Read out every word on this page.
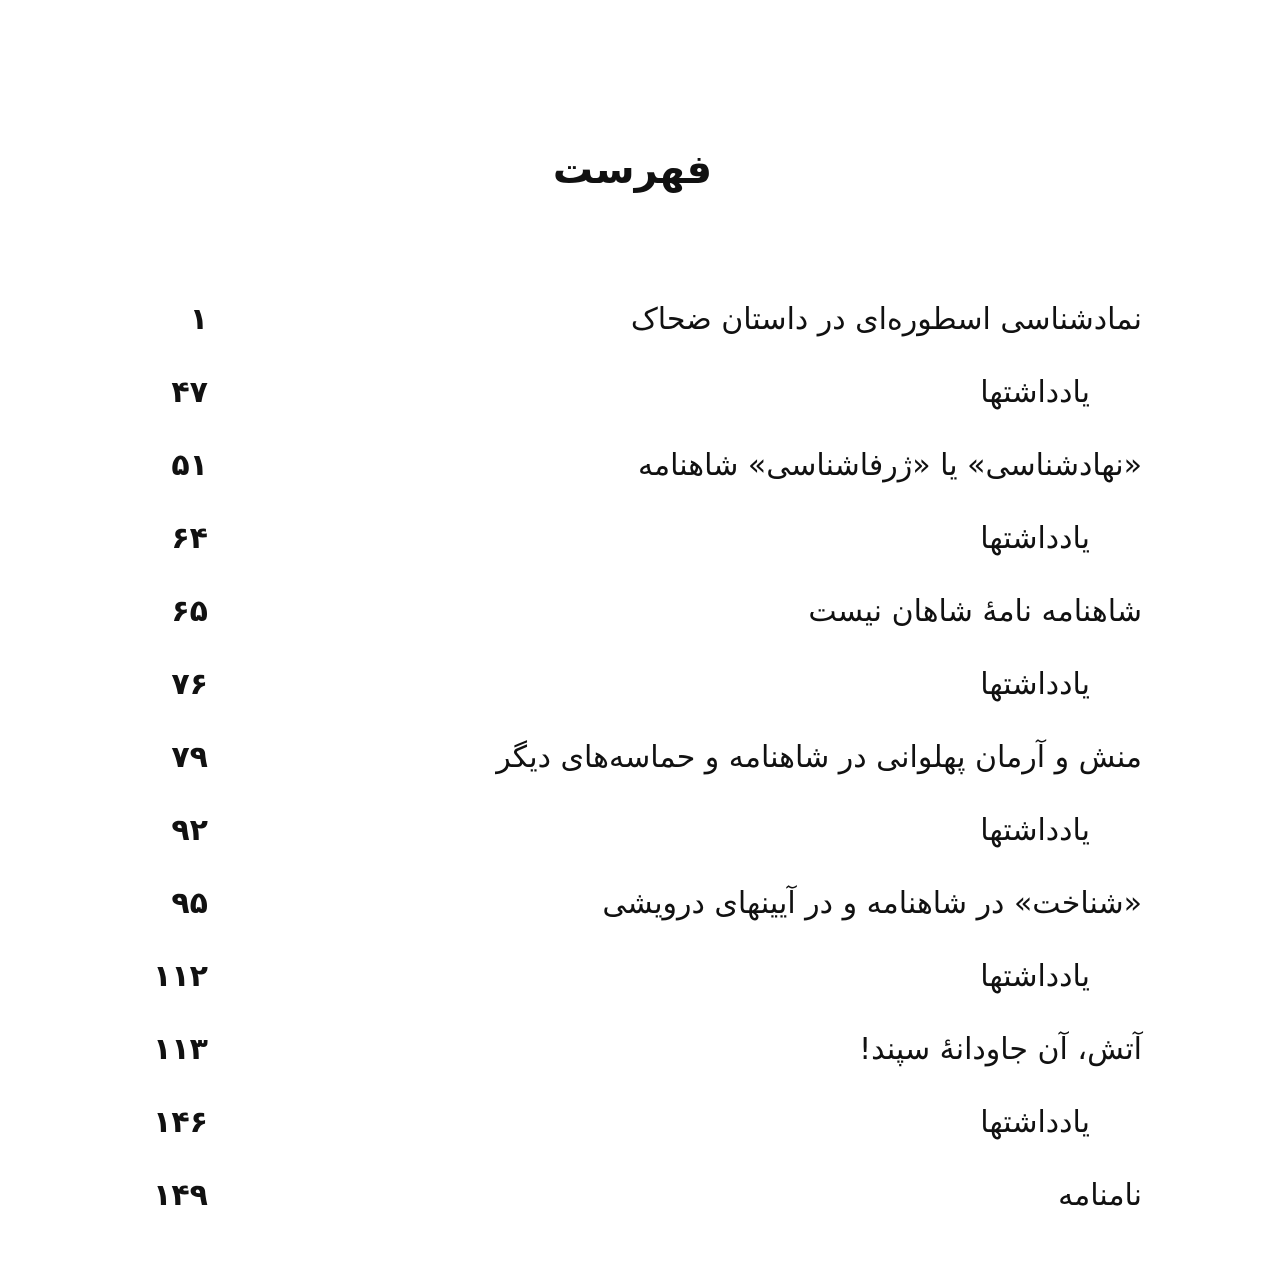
فهرست
نمادشناسی اسطوره‌ای در داستان ضحاک
۱
یادداشتها
۴۷
«نهادشناسی» یا «ژرفاشناسی» شاهنامه
۵۱
یادداشتها
۶۴
شاهنامه نامهٔ شاهان نیست
۶۵
یادداشتها
۷۶
منش و آرمان پهلوانی در شاهنامه و حماسه‌های دیگر
۷۹
یادداشتها
۹۲
«شناخت» در شاهنامه و در آیینهای درویشی
۹۵
یادداشتها
۱۱۲
آتش، آن جاودانهٔ سپند!
۱۱۳
یادداشتها
۱۴۶
نامنامه
۱۴۹
